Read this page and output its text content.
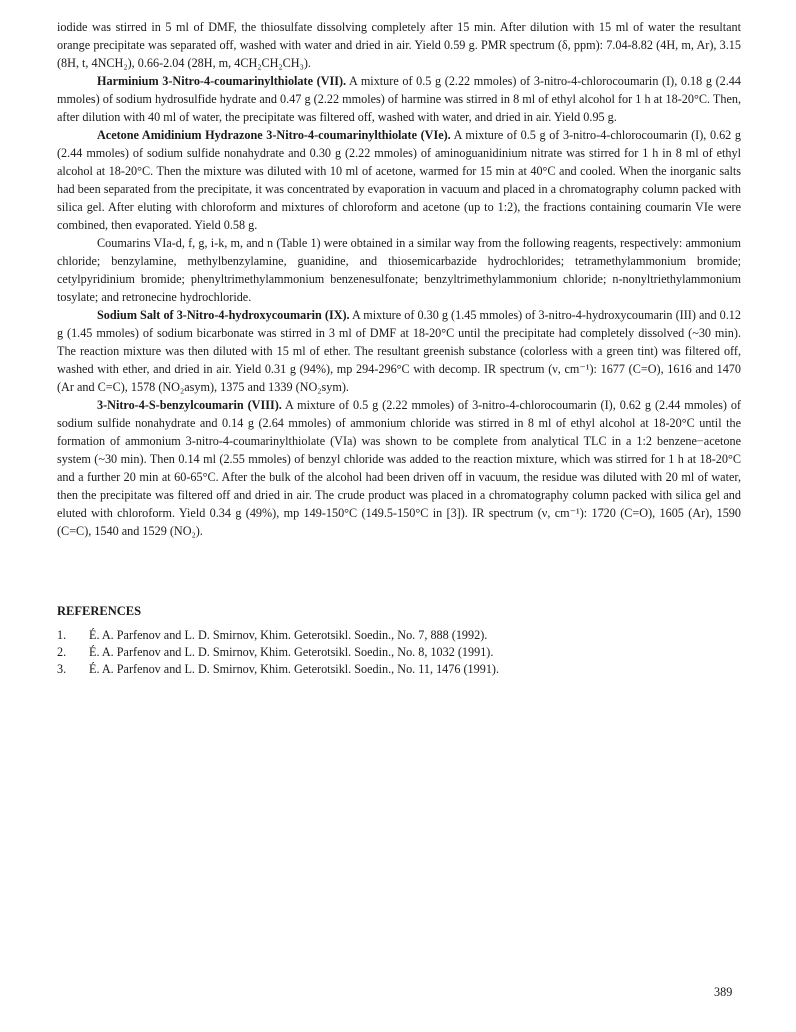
iodide was stirred in 5 ml of DMF, the thiosulfate dissolving completely after 15 min. After dilution with 15 ml of water the resultant orange precipitate was separated off, washed with water and dried in air. Yield 0.59 g. PMR spectrum (δ, ppm): 7.04-8.82 (4H, m, Ar), 3.15 (8H, t, 4NCH₂), 0.66-2.04 (28H, m, 4CH₂CH₂CH₃).

Harminium 3-Nitro-4-coumarinylthiolate (VII). A mixture of 0.5 g (2.22 mmoles) of 3-nitro-4-chlorocoumarin (I), 0.18 g (2.44 mmoles) of sodium hydrosulfide hydrate and 0.47 g (2.22 mmoles) of harmine was stirred in 8 ml of ethyl alcohol for 1 h at 18-20°C. Then, after dilution with 40 ml of water, the precipitate was filtered off, washed with water, and dried in air. Yield 0.95 g.

Acetone Amidinium Hydrazone 3-Nitro-4-coumarinylthiolate (VIe). A mixture of 0.5 g of 3-nitro-4-chlorocoumarin (I), 0.62 g (2.44 mmoles) of sodium sulfide nonahydrate and 0.30 g (2.22 mmoles) of aminoguanidinium nitrate was stirred for 1 h in 8 ml of ethyl alcohol at 18-20°C. Then the mixture was diluted with 10 ml of acetone, warmed for 15 min at 40°C and cooled. When the inorganic salts had been separated from the precipitate, it was concentrated by evaporation in vacuum and placed in a chromatography column packed with silica gel. After eluting with chloroform and mixtures of chloroform and acetone (up to 1:2), the fractions containing coumarin VIe were combined, then evaporated. Yield 0.58 g.

Coumarins VIa-d, f, g, i-k, m, and n (Table 1) were obtained in a similar way from the following reagents, respectively: ammonium chloride; benzylamine, methylbenzylamine, guanidine, and thiosemicarbazide hydrochlorides; tetramethylammonium bromide; cetylpyridinium bromide; phenyltrimethylammonium benzenesulfonate; benzyltrimethylammonium chloride; n-nonyltriethylammonium tosylate; and retronecine hydrochloride.

Sodium Salt of 3-Nitro-4-hydroxycoumarin (IX). A mixture of 0.30 g (1.45 mmoles) of 3-nitro-4-hydroxycoumarin (III) and 0.12 g (1.45 mmoles) of sodium bicarbonate was stirred in 3 ml of DMF at 18-20°C until the precipitate had completely dissolved (~30 min). The reaction mixture was then diluted with 15 ml of ether. The resultant greenish substance (colorless with a green tint) was filtered off, washed with ether, and dried in air. Yield 0.31 g (94%), mp 294-296°C with decomp. IR spectrum (ν, cm⁻¹): 1677 (C=O), 1616 and 1470 (Ar and C=C), 1578 (NO₂asym), 1375 and 1339 (NO₂sym).

3-Nitro-4-S-benzylcoumarin (VIII). A mixture of 0.5 g (2.22 mmoles) of 3-nitro-4-chlorocoumarin (I), 0.62 g (2.44 mmoles) of sodium sulfide nonahydrate and 0.14 g (2.64 mmoles) of ammonium chloride was stirred in 8 ml of ethyl alcohol at 18-20°C until the formation of ammonium 3-nitro-4-coumarinylthiolate (VIa) was shown to be complete from analytical TLC in a 1:2 benzene−acetone system (~30 min). Then 0.14 ml (2.55 mmoles) of benzyl chloride was added to the reaction mixture, which was stirred for 1 h at 18-20°C and a further 20 min at 60-65°C. After the bulk of the alcohol had been driven off in vacuum, the residue was diluted with 20 ml of water, then the precipitate was filtered off and dried in air. The crude product was placed in a chromatography column packed with silica gel and eluted with chloroform. Yield 0.34 g (49%), mp 149-150°C (149.5-150°C in [3]). IR spectrum (ν, cm⁻¹): 1720 (C=O), 1605 (Ar), 1590 (C=C), 1540 and 1529 (NO₂).

REFERENCES
1.	É. A. Parfenov and L. D. Smirnov, Khim. Geterotsikl. Soedin., No. 7, 888 (1992).
2.	É. A. Parfenov and L. D. Smirnov, Khim. Geterotsikl. Soedin., No. 8, 1032 (1991).
3.	É. A. Parfenov and L. D. Smirnov, Khim. Geterotsikl. Soedin., No. 11, 1476 (1991).
389
